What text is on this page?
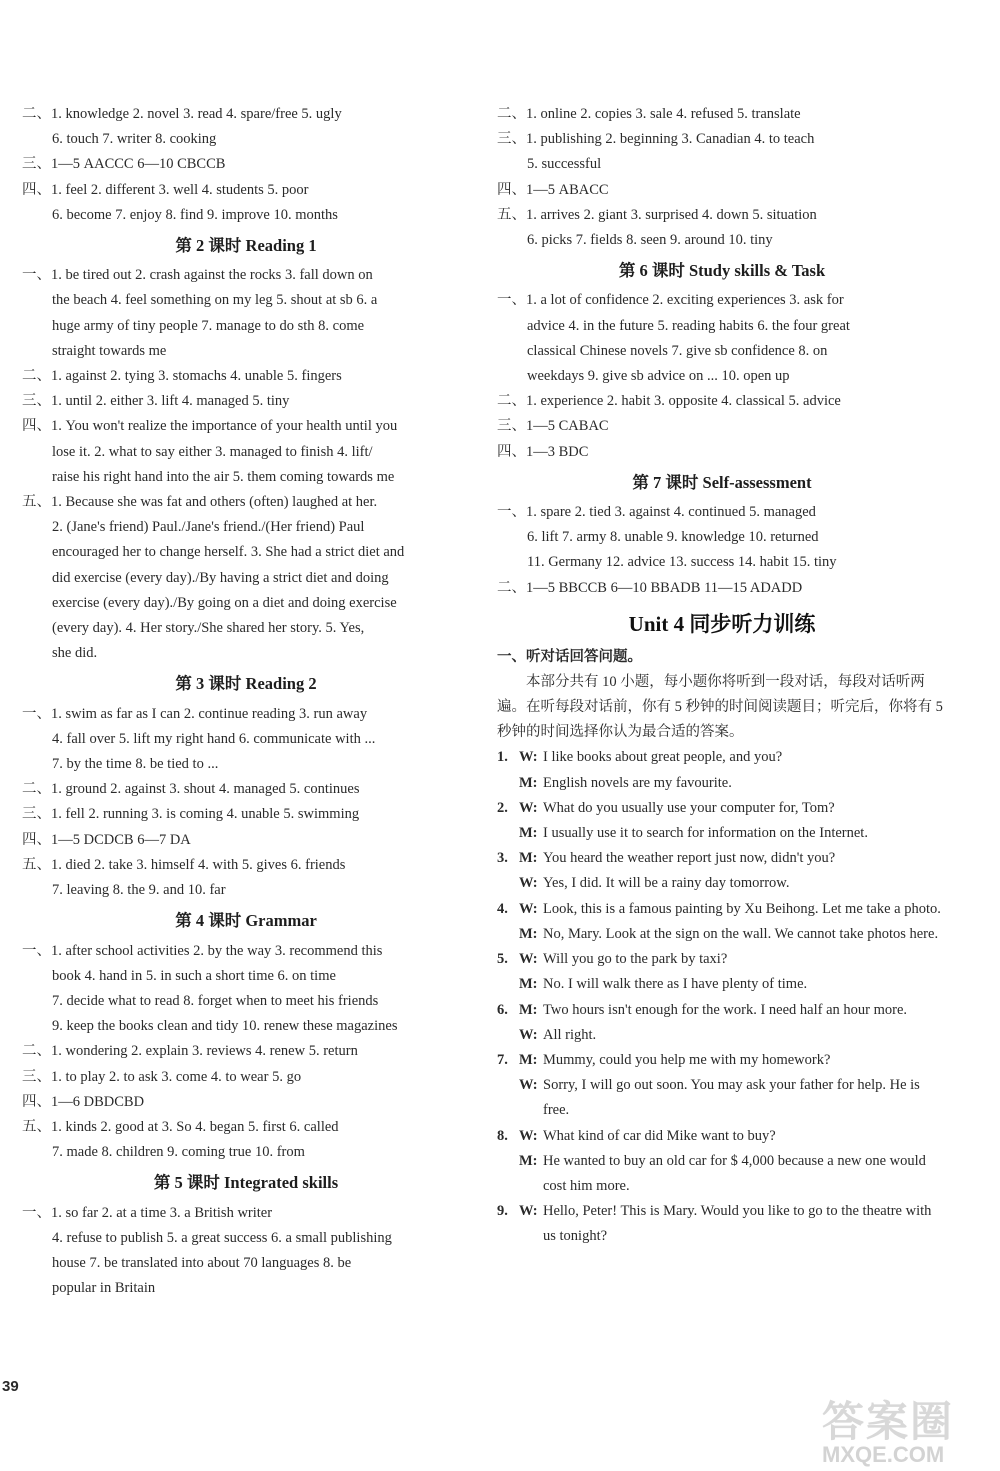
二、1. knowledge 2. novel 3. read 4. spare/free 5. ugly
6. touch 7. writer 8. cooking
三、1—5 AACCC 6—10 CBCCB
四、1. feel 2. different 3. well 4. students 5. poor
6. become 7. enjoy 8. find 9. improve 10. months
第 2 课时 Reading 1
一、1. be tired out 2. crash against the rocks 3. fall down on
the beach 4. feel something on my leg 5. shout at sb 6. a
huge army of tiny people 7. manage to do sth 8. come
straight towards me
二、1. against 2. tying 3. stomachs 4. unable 5. fingers
三、1. until 2. either 3. lift 4. managed 5. tiny
四、1. You won't realize the importance of your health until you
lose it. 2. what to say either 3. managed to finish 4. lift/
raise his right hand into the air 5. them coming towards me
五、1. Because she was fat and others (often) laughed at her.
2. (Jane's friend) Paul./Jane's friend./(Her friend) Paul
encouraged her to change herself. 3. She had a strict diet and
did exercise (every day)./By having a strict diet and doing
exercise (every day)./By going on a diet and doing exercise
(every day). 4. Her story./She shared her story. 5. Yes,
she did.
第 3 课时 Reading 2
一、1. swim as far as I can 2. continue reading 3. run away
4. fall over 5. lift my right hand 6. communicate with ...
7. by the time 8. be tied to ...
二、1. ground 2. against 3. shout 4. managed 5. continues
三、1. fell 2. running 3. is coming 4. unable 5. swimming
四、1—5 DCDCB 6—7 DA
五、1. died 2. take 3. himself 4. with 5. gives 6. friends
7. leaving 8. the 9. and 10. far
第 4 课时 Grammar
一、1. after school activities 2. by the way 3. recommend this
book 4. hand in 5. in such a short time 6. on time
7. decide what to read 8. forget when to meet his friends
9. keep the books clean and tidy 10. renew these magazines
二、1. wondering 2. explain 3. reviews 4. renew 5. return
三、1. to play 2. to ask 3. come 4. to wear 5. go
四、1—6 DBDCBD
五、1. kinds 2. good at 3. So 4. began 5. first 6. called
7. made 8. children 9. coming true 10. from
第 5 课时 Integrated skills
一、1. so far 2. at a time 3. a British writer
4. refuse to publish 5. a great success 6. a small publishing
house 7. be translated into about 70 languages 8. be
popular in Britain
二、1. online 2. copies 3. sale 4. refused 5. translate
三、1. publishing 2. beginning 3. Canadian 4. to teach
5. successful
四、1—5 ABACC
五、1. arrives 2. giant 3. surprised 4. down 5. situation
6. picks 7. fields 8. seen 9. around 10. tiny
第 6 课时 Study skills & Task
一、1. a lot of confidence 2. exciting experiences 3. ask for
advice 4. in the future 5. reading habits 6. the four great
classical Chinese novels 7. give sb confidence 8. on
weekdays 9. give sb advice on ... 10. open up
二、1. experience 2. habit 3. opposite 4. classical 5. advice
三、1—5 CABAC
四、1—3 BDC
第 7 课时 Self-assessment
一、1. spare 2. tied 3. against 4. continued 5. managed
6. lift 7. army 8. unable 9. knowledge 10. returned
11. Germany 12. advice 13. success 14. habit 15. tiny
二、1—5 BBCCB 6—10 BBADB 11—15 ADADD
Unit 4 同步听力训练
一、听对话回答问题。
本部分共有 10 小题，每小题你将听到一段对话，每段对话听两遍。在听每段对话前，你有 5 秒钟的时间阅读题目；听完后，你将有 5 秒钟的时间选择你认为最合适的答案。
1. W: I like books about great people, and you?
M: English novels are my favourite.
2. W: What do you usually use your computer for, Tom?
M: I usually use it to search for information on the Internet.
3. M: You heard the weather report just now, didn't you?
W: Yes, I did. It will be a rainy day tomorrow.
4. W: Look, this is a famous painting by Xu Beihong. Let me take a photo.
M: No, Mary. Look at the sign on the wall. We cannot take photos here.
5. W: Will you go to the park by taxi?
M: No. I will walk there as I have plenty of time.
6. M: Two hours isn't enough for the work. I need half an hour more.
W: All right.
7. M: Mummy, could you help me with my homework?
W: Sorry, I will go out soon. You may ask your father for help. He is free.
8. W: What kind of car did Mike want to buy?
M: He wanted to buy an old car for $ 4,000 because a new one would cost him more.
9. W: Hello, Peter! This is Mary. Would you like to go to the theatre with us tonight?
39
答案圈
MXQE.COM
